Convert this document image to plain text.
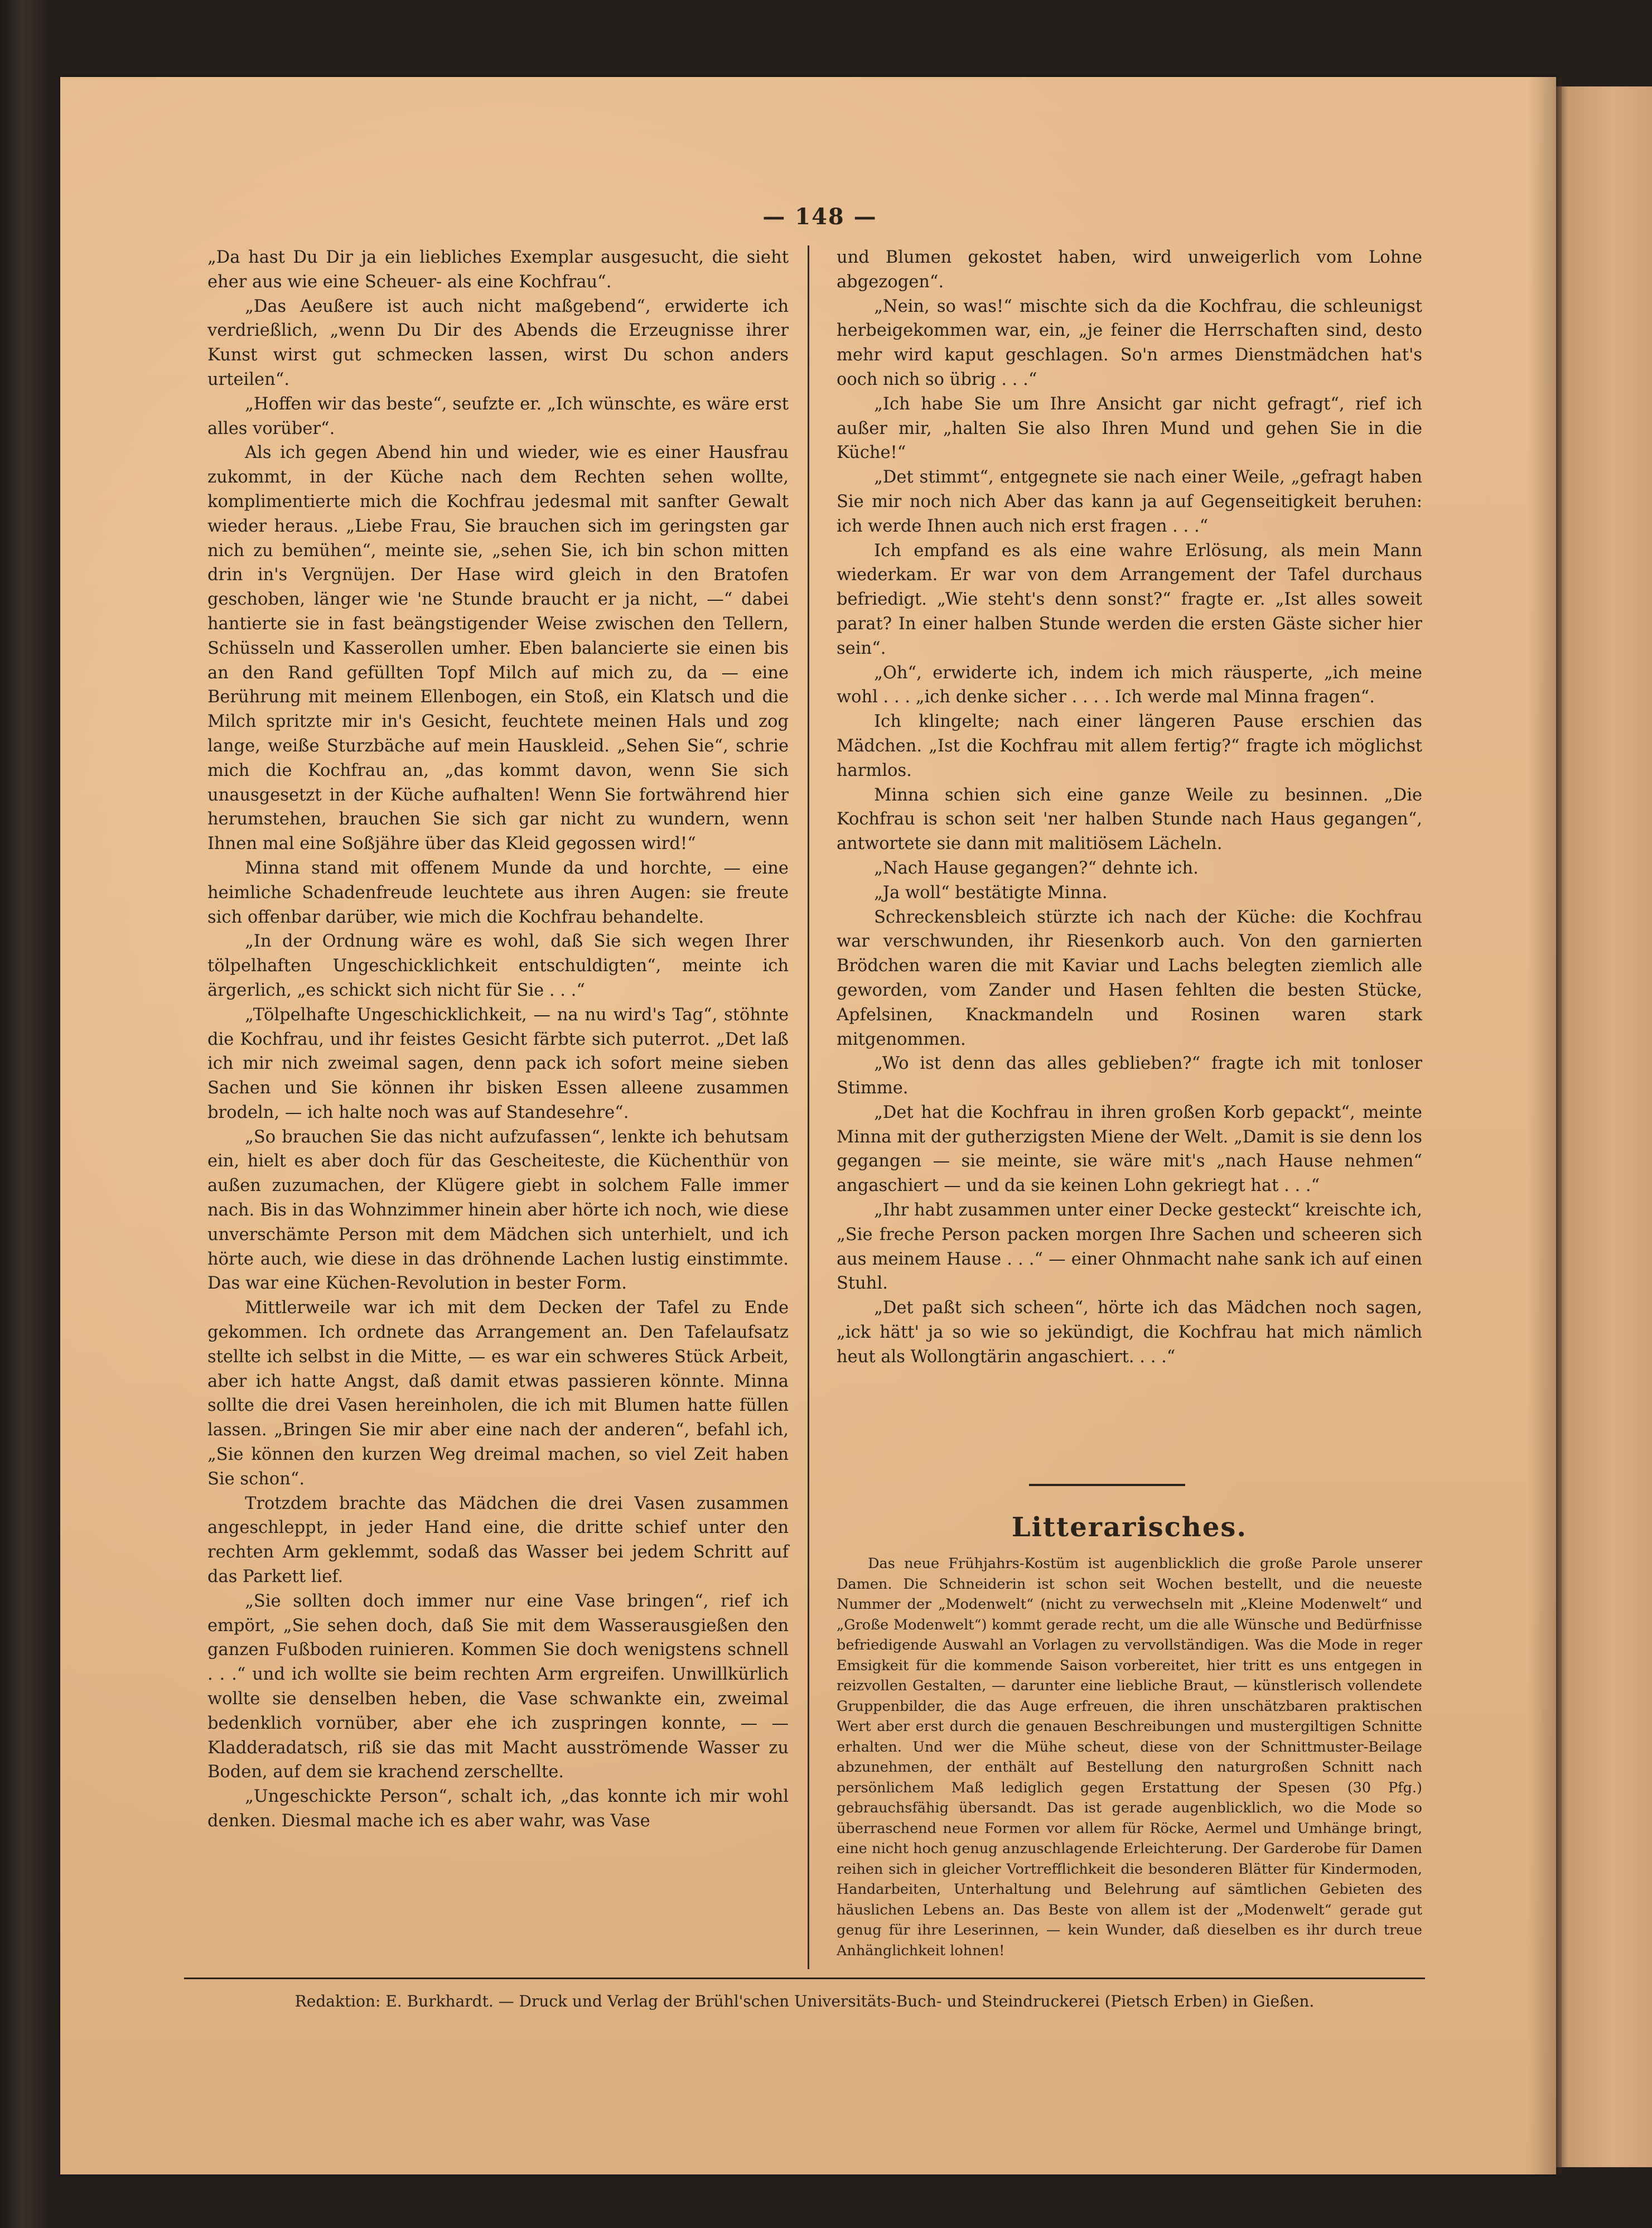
— 148 —

„Da hast Du Dir ja ein liebliches Exemplar ausgesucht, die sieht eher aus wie eine Scheuer- als eine Kochfrau“.

„Das Aeußere ist auch nicht maßgebend“, erwiderte ich verdrießlich, „wenn Du Dir des Abends die Erzeugnisse ihrer Kunst wirst gut schmecken lassen, wirst Du schon anders urteilen“.

„Hoffen wir das beste“, seufzte er. „Ich wünschte, es wäre erst alles vorüber“.

Als ich gegen Abend hin und wieder, wie es einer Hausfrau zukommt, in der Küche nach dem Rechten sehen wollte, komplimentierte mich die Kochfrau jedesmal mit sanfter Gewalt wieder heraus. „Liebe Frau, Sie brauchen sich im geringsten gar nich zu bemühen“, meinte sie, „sehen Sie, ich bin schon mitten drin in's Vergnüjen. Der Hase wird gleich in den Bratofen geschoben, länger wie 'ne Stunde braucht er ja nicht, —“ dabei hantierte sie in fast beängstigender Weise zwischen den Tellern, Schüsseln und Kasserollen umher. Eben balancierte sie einen bis an den Rand gefüllten Topf Milch auf mich zu, da — eine Berührung mit meinem Ellenbogen, ein Stoß, ein Klatsch und die Milch spritzte mir in's Gesicht, feuchtete meinen Hals und zog lange, weiße Sturzbäche auf mein Hauskleid. „Sehen Sie“, schrie mich die Kochfrau an, „das kommt davon, wenn Sie sich unausgesetzt in der Küche aufhalten! Wenn Sie fortwährend hier herumstehen, brauchen Sie sich gar nicht zu wundern, wenn Ihnen mal eine Soßjähre über das Kleid gegossen wird!“

Minna stand mit offenem Munde da und horchte, — eine heimliche Schadenfreude leuchtete aus ihren Augen: sie freute sich offenbar darüber, wie mich die Kochfrau behandelte.

„In der Ordnung wäre es wohl, daß Sie sich wegen Ihrer tölpelhaften Ungeschicklichkeit entschuldigten“, meinte ich ärgerlich, „es schickt sich nicht für Sie . . .“

„Tölpelhafte Ungeschicklichkeit, — na nu wird's Tag“, stöhnte die Kochfrau, und ihr feistes Gesicht färbte sich puterrot. „Det laß ich mir nich zweimal sagen, denn pack ich sofort meine sieben Sachen und Sie können ihr bisken Essen alleene zusammen brodeln, — ich halte noch was auf Standesehre“.

„So brauchen Sie das nicht aufzufassen“, lenkte ich behutsam ein, hielt es aber doch für das Gescheiteste, die Küchenthür von außen zuzumachen, der Klügere giebt in solchem Falle immer nach. Bis in das Wohnzimmer hinein aber hörte ich noch, wie diese unverschämte Person mit dem Mädchen sich unterhielt, und ich hörte auch, wie diese in das dröhnende Lachen lustig einstimmte. Das war eine Küchen-Revolution in bester Form.

Mittlerweile war ich mit dem Decken der Tafel zu Ende gekommen. Ich ordnete das Arrangement an. Den Tafelaufsatz stellte ich selbst in die Mitte, — es war ein schweres Stück Arbeit, aber ich hatte Angst, daß damit etwas passieren könnte. Minna sollte die drei Vasen hereinholen, die ich mit Blumen hatte füllen lassen. „Bringen Sie mir aber eine nach der anderen“, befahl ich, „Sie können den kurzen Weg dreimal machen, so viel Zeit haben Sie schon“.

Trotzdem brachte das Mädchen die drei Vasen zusammen angeschleppt, in jeder Hand eine, die dritte schief unter den rechten Arm geklemmt, sodaß das Wasser bei jedem Schritt auf das Parkett lief.

„Sie sollten doch immer nur eine Vase bringen“, rief ich empört, „Sie sehen doch, daß Sie mit dem Wasserausgießen den ganzen Fußboden ruinieren. Kommen Sie doch wenigstens schnell . . .“ und ich wollte sie beim rechten Arm ergreifen. Unwillkürlich wollte sie denselben heben, die Vase schwankte ein, zweimal bedenklich vornüber, aber ehe ich zuspringen konnte, — — Kladderadatsch, riß sie das mit Macht ausströmende Wasser zu Boden, auf dem sie krachend zerschellte.

„Ungeschickte Person“, schalt ich, „das konnte ich mir wohl denken. Diesmal mache ich es aber wahr, was Vase

und Blumen gekostet haben, wird unweigerlich vom Lohne abgezogen“.

„Nein, so was!“ mischte sich da die Kochfrau, die schleunigst herbeigekommen war, ein, „je feiner die Herrschaften sind, desto mehr wird kaput geschlagen. So'n armes Dienstmädchen hat's ooch nich so übrig . . .“

„Ich habe Sie um Ihre Ansicht gar nicht gefragt“, rief ich außer mir, „halten Sie also Ihren Mund und gehen Sie in die Küche!“

„Det stimmt“, entgegnete sie nach einer Weile, „gefragt haben Sie mir noch nich Aber das kann ja auf Gegenseitigkeit beruhen: ich werde Ihnen auch nich erst fragen . . .“

Ich empfand es als eine wahre Erlösung, als mein Mann wiederkam. Er war von dem Arrangement der Tafel durchaus befriedigt. „Wie steht's denn sonst?“ fragte er. „Ist alles soweit parat? In einer halben Stunde werden die ersten Gäste sicher hier sein“.

„Oh“, erwiderte ich, indem ich mich räusperte, „ich meine wohl . . . „ich denke sicher . . . . Ich werde mal Minna fragen“.

Ich klingelte; nach einer längeren Pause erschien das Mädchen. „Ist die Kochfrau mit allem fertig?“ fragte ich möglichst harmlos.

Minna schien sich eine ganze Weile zu besinnen. „Die Kochfrau is schon seit 'ner halben Stunde nach Haus gegangen“, antwortete sie dann mit malitiösem Lächeln.

„Nach Hause gegangen?“ dehnte ich.

„Ja woll“ bestätigte Minna.

Schreckensbleich stürzte ich nach der Küche: die Kochfrau war verschwunden, ihr Riesenkorb auch. Von den garnierten Brödchen waren die mit Kaviar und Lachs belegten ziemlich alle geworden, vom Zander und Hasen fehlten die besten Stücke, Apfelsinen, Knackmandeln und Rosinen waren stark mitgenommen.

„Wo ist denn das alles geblieben?“ fragte ich mit tonloser Stimme.

„Det hat die Kochfrau in ihren großen Korb gepackt“, meinte Minna mit der gutherzigsten Miene der Welt. „Damit is sie denn los gegangen — sie meinte, sie wäre mit's „nach Hause nehmen“ angaschiert — und da sie keinen Lohn gekriegt hat . . .“

„Ihr habt zusammen unter einer Decke gesteckt“ kreischte ich, „Sie freche Person packen morgen Ihre Sachen und scheeren sich aus meinem Hause . . .“ — einer Ohnmacht nahe sank ich auf einen Stuhl.

„Det paßt sich scheen“, hörte ich das Mädchen noch sagen, „ick hätt' ja so wie so jekündigt, die Kochfrau hat mich nämlich heut als Wollongtärin angaschiert. . . .“

Litterarisches.

Das neue Frühjahrs-Kostüm ist augenblicklich die große Parole unserer Damen. Die Schneiderin ist schon seit Wochen bestellt, und die neueste Nummer der „Modenwelt“ (nicht zu verwechseln mit „Kleine Modenwelt“ und „Große Modenwelt“) kommt gerade recht, um die alle Wünsche und Bedürfnisse befriedigende Auswahl an Vorlagen zu vervollständigen. Was die Mode in reger Emsigkeit für die kommende Saison vorbereitet, hier tritt es uns entgegen in reizvollen Gestalten, — darunter eine liebliche Braut, — künstlerisch vollendete Gruppenbilder, die das Auge erfreuen, die ihren unschätzbaren praktischen Wert aber erst durch die genauen Beschreibungen und mustergiltigen Schnitte erhalten. Und wer die Mühe scheut, diese von der Schnittmuster-Beilage abzunehmen, der enthält auf Bestellung den naturgroßen Schnitt nach persönlichem Maß lediglich gegen Erstattung der Spesen (30 Pfg.) gebrauchsfähig übersandt. Das ist gerade augenblicklich, wo die Mode so überraschend neue Formen vor allem für Röcke, Aermel und Umhänge bringt, eine nicht hoch genug anzuschlagende Erleichterung. Der Garderobe für Damen reihen sich in gleicher Vortrefflichkeit die besonderen Blätter für Kindermoden, Handarbeiten, Unterhaltung und Belehrung auf sämtlichen Gebieten des häuslichen Lebens an. Das Beste von allem ist der „Modenwelt“ gerade gut genug für ihre Leserinnen, — kein Wunder, daß dieselben es ihr durch treue Anhänglichkeit lohnen!

Redaktion: E. Burkhardt. — Druck und Verlag der Brühl'schen Universitäts-Buch- und Steindruckerei (Pietsch Erben) in Gießen.
